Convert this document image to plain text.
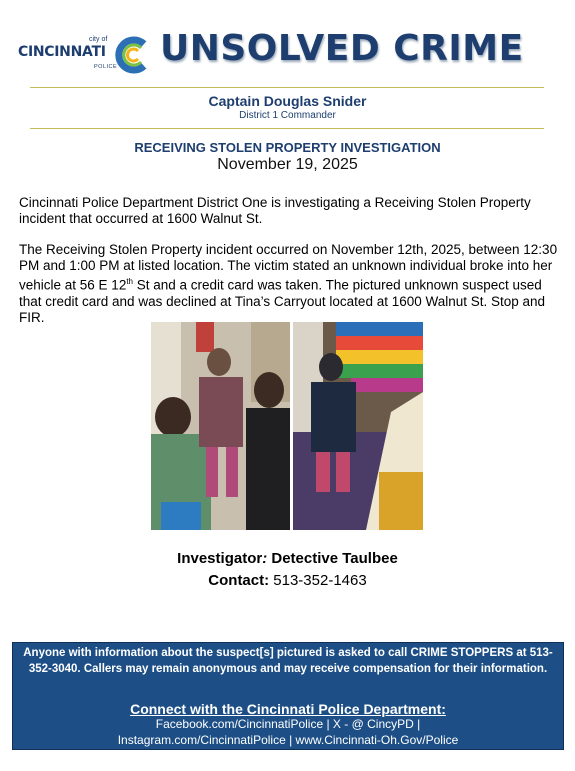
city of
CINCINNATI
POLICE UNSOLVED CRIME
Captain Douglas Snider
District 1 Commander
RECEIVING STOLEN PROPERTY INVESTIGATION
November 19, 2025
Cincinnati Police Department District One is investigating a Receiving Stolen Property incident that occurred at 1600 Walnut St.
The Receiving Stolen Property incident occurred on November 12th, 2025, between 12:30 PM and 1:00 PM at listed location. The victim stated an unknown individual broke into her vehicle at 56 E 12th St and a credit card was taken. The pictured unknown suspect used that credit card and was declined at Tina’s Carryout located at 1600 Walnut St. Stop and FIR.
Investigator: Detective Taulbee
Contact: 513-352-1463
Anyone with information about the suspect[s] pictured is asked to call CRIME STOPPERS at 513-352-3040. Callers may remain anonymous and may receive compensation for their information.
Connect with the Cincinnati Police Department:
Facebook.com/CincinnatiPolice | X - @ CincyPD |
Instagram.com/CincinnatiPolice | www.Cincinnati-Oh.Gov/Police
